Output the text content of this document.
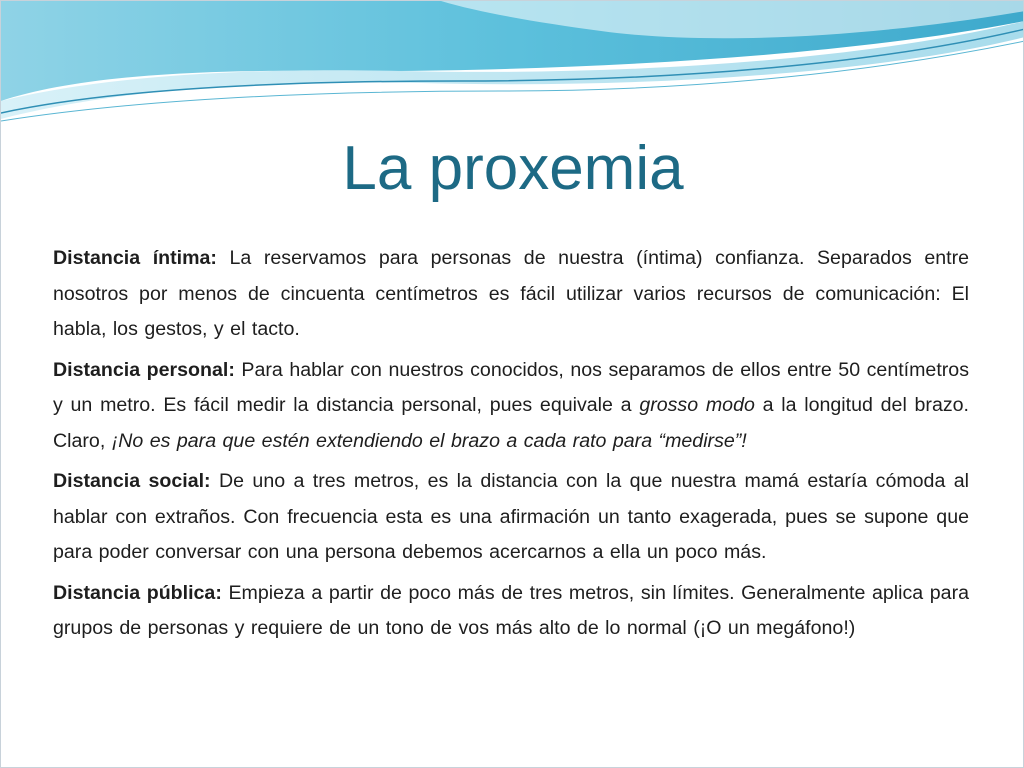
La proxemia

Distancia íntima: La reservamos para personas de nuestra (íntima) confianza. Separados entre nosotros por menos de cincuenta centímetros es fácil utilizar varios recursos de comunicación: El habla, los gestos, y el tacto.

Distancia personal: Para hablar con nuestros conocidos, nos separamos de ellos entre 50 centímetros y un metro. Es fácil medir la distancia personal, pues equivale a grosso modo a la longitud del brazo. Claro, ¡No es para que estén extendiendo el brazo a cada rato para “medirse”!

Distancia social: De uno a tres metros, es la distancia con la que nuestra mamá estaría cómoda al hablar con extraños. Con frecuencia esta es una afirmación un tanto exagerada, pues se supone que para poder conversar con una persona debemos acercarnos a ella un poco más.

Distancia pública: Empieza a partir de poco más de tres metros, sin límites. Generalmente aplica para grupos de personas y requiere de un tono de vos más alto de lo normal (¡O un megáfono!)
